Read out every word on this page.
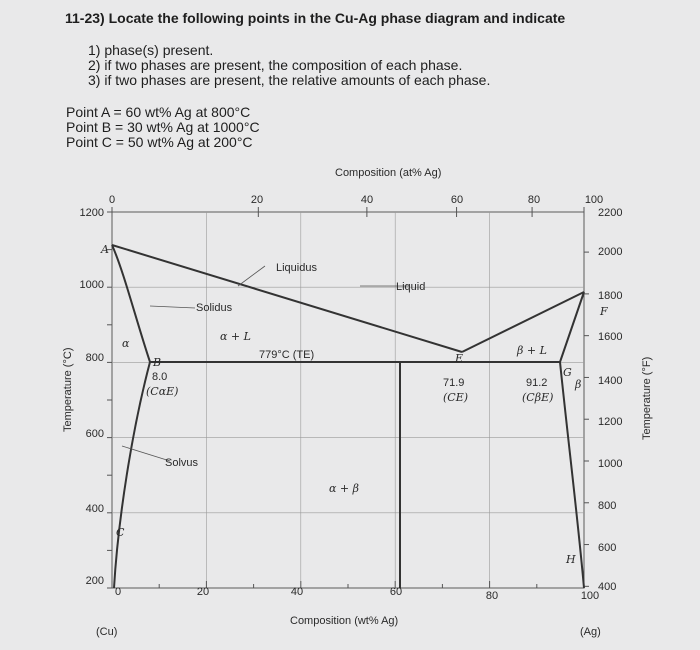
11-23) Locate the following points in the Cu-Ag phase diagram and indicate
1) phase(s) present.
2) if two phases are present, the composition of each phase.
3) if two phases are present, the relative amounts of each phase.
Point A = 60 wt% Ag at 800°C
Point B = 30 wt% Ag at 1000°C
Point C = 50 wt% Ag at 200°C
Composition (at% Ag)
0	20	40	60	80	100
1200
1000
800
600
400
200
2200
2000
1800
1600
1400
1200
1000
800
600
400
0	20	40	60	80	100
Composition (wt% Ag)
(Cu)	(Ag)
Temperature (°C)	Temperature (°F)
Liquidus
Liquid
Solidus
Solvus
α
α + L
β + L
α + β
β
A
B
C
E
F
G
H
779°C (TE)
8.0
(CαE)
71.9
(CE)
91.2
(CβE)
